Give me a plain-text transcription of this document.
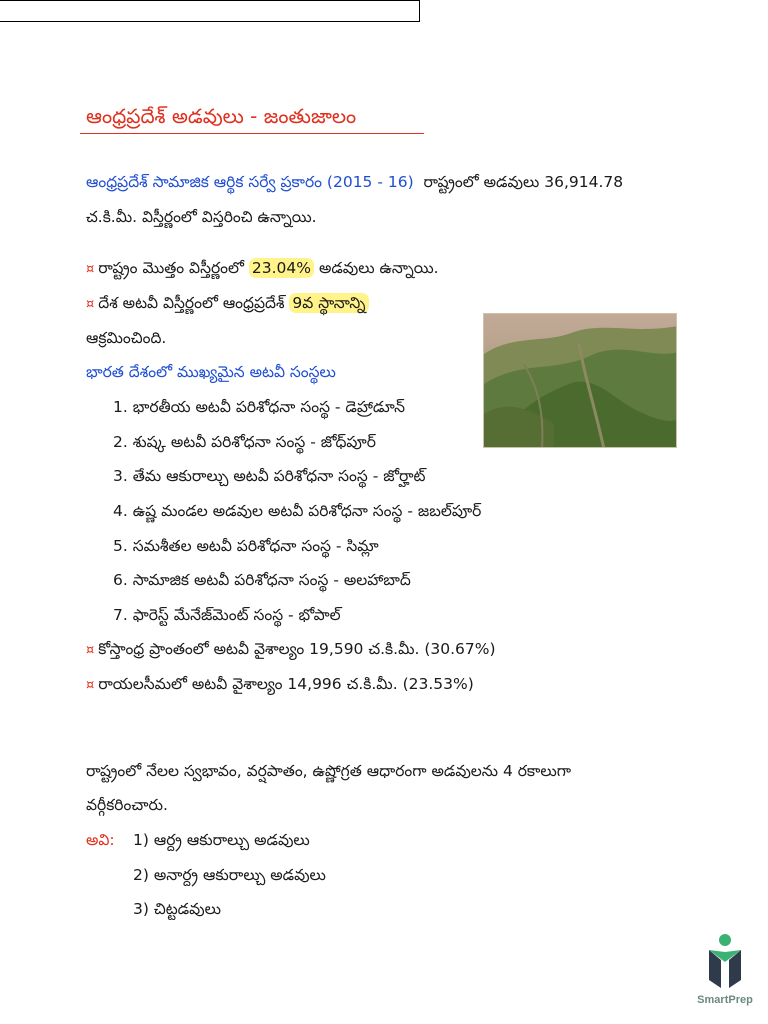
ఆంధ్రప్రదేశ్ అడవులు - జంతుజాలం
ఆంధ్రప్రదేశ్ సామాజిక ఆర్థిక సర్వే ప్రకారం (2015 - 16) రాష్ట్రంలో అడవులు 36,914.78
చ.కి.మీ. విస్తీర్ణంలో విస్తరించి ఉన్నాయి.
¤ రాష్ట్రం మొత్తం విస్తీర్ణంలో 23.04% అడవులు ఉన్నాయి.
¤ దేశ అటవీ విస్తీర్ణంలో ఆంధ్రప్రదేశ్ 9వ స్థానాన్ని
ఆక్రమించింది.
భారత దేశంలో ముఖ్యమైన అటవీ సంస్థలు
1. భారతీయ అటవీ పరిశోధనా సంస్థ - డెహ్రాడూన్
2. శుష్క అటవీ పరిశోధనా సంస్థ - జోధ్‌పూర్
3. తేమ ఆకురాల్చు అటవీ పరిశోధనా సంస్థ - జోర్హాట్
4. ఉష్ణ మండల అడవుల అటవీ పరిశోధనా సంస్థ - జబల్‌పూర్
5. సమశీతల అటవీ పరిశోధనా సంస్థ - సిమ్లా
6. సామాజిక అటవీ పరిశోధనా సంస్థ - అలహాబాద్
7. ఫారెస్ట్ మేనేజ్‌మెంట్ సంస్థ - భోపాల్
¤ కోస్తాంధ్ర ప్రాంతంలో అటవీ వైశాల్యం 19,590 చ.కి.మీ. (30.67%)
¤ రాయలసీమలో అటవీ వైశాల్యం 14,996 చ.కి.మీ. (23.53%)
రాష్ట్రంలో నేలల స్వభావం, వర్షపాతం, ఉష్ణోగ్రత ఆధారంగా అడవులను 4 రకాలుగా
వర్గీకరించారు.
అవి: 1) ఆర్ద్ర ఆకురాల్చు అడవులు
2) అనార్ద్ర ఆకురాల్చు అడవులు
3) చిట్టడవులు
SmartPrep
